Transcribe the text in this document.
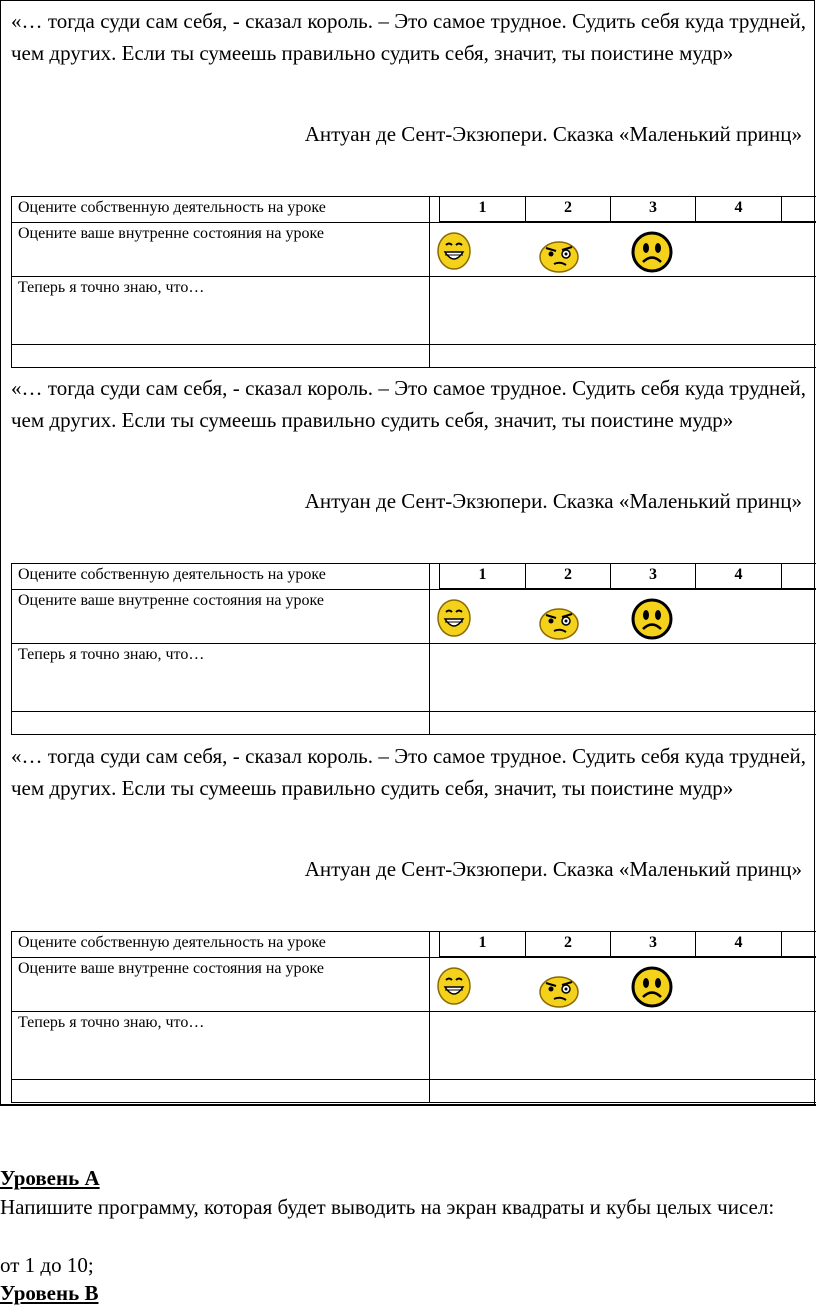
«… тогда суди сам себя, - сказал король. – Это самое трудное. Судить себя куда трудней, чем других. Если ты сумеешь правильно судить себя, значит, ты поистине мудр»

Антуан де Сент-Экзюпери. Сказка «Маленький принц»
Оцените собственную деятельность на уроке		1	2	3	4	
Оцените ваше внутренне состояния на уроке	

Теперь я точно знаю, что…						

«… тогда суди сам себя, - сказал король. – Это самое трудное. Судить себя куда трудней, чем других. Если ты сумеешь правильно судить себя, значит, ты поистине мудр»

Антуан де Сент-Экзюпери. Сказка «Маленький принц»
Оцените собственную деятельность на уроке		1	2	3	4	
Оцените ваше внутренне состояния на уроке	

Теперь я точно знаю, что…						

«… тогда суди сам себя, - сказал король. – Это самое трудное. Судить себя куда трудней, чем других. Если ты сумеешь правильно судить себя, значит, ты поистине мудр»

Антуан де Сент-Экзюпери. Сказка «Маленький принц»
Оцените собственную деятельность на уроке		1	2	3	4	
Оцените ваше внутренне состояния на уроке	

Теперь я точно знаю, что…						

Уровень А

Напишите программу, которая будет выводить на экран квадраты и кубы целых чисел:

от 1 до 10;
Уровень В
